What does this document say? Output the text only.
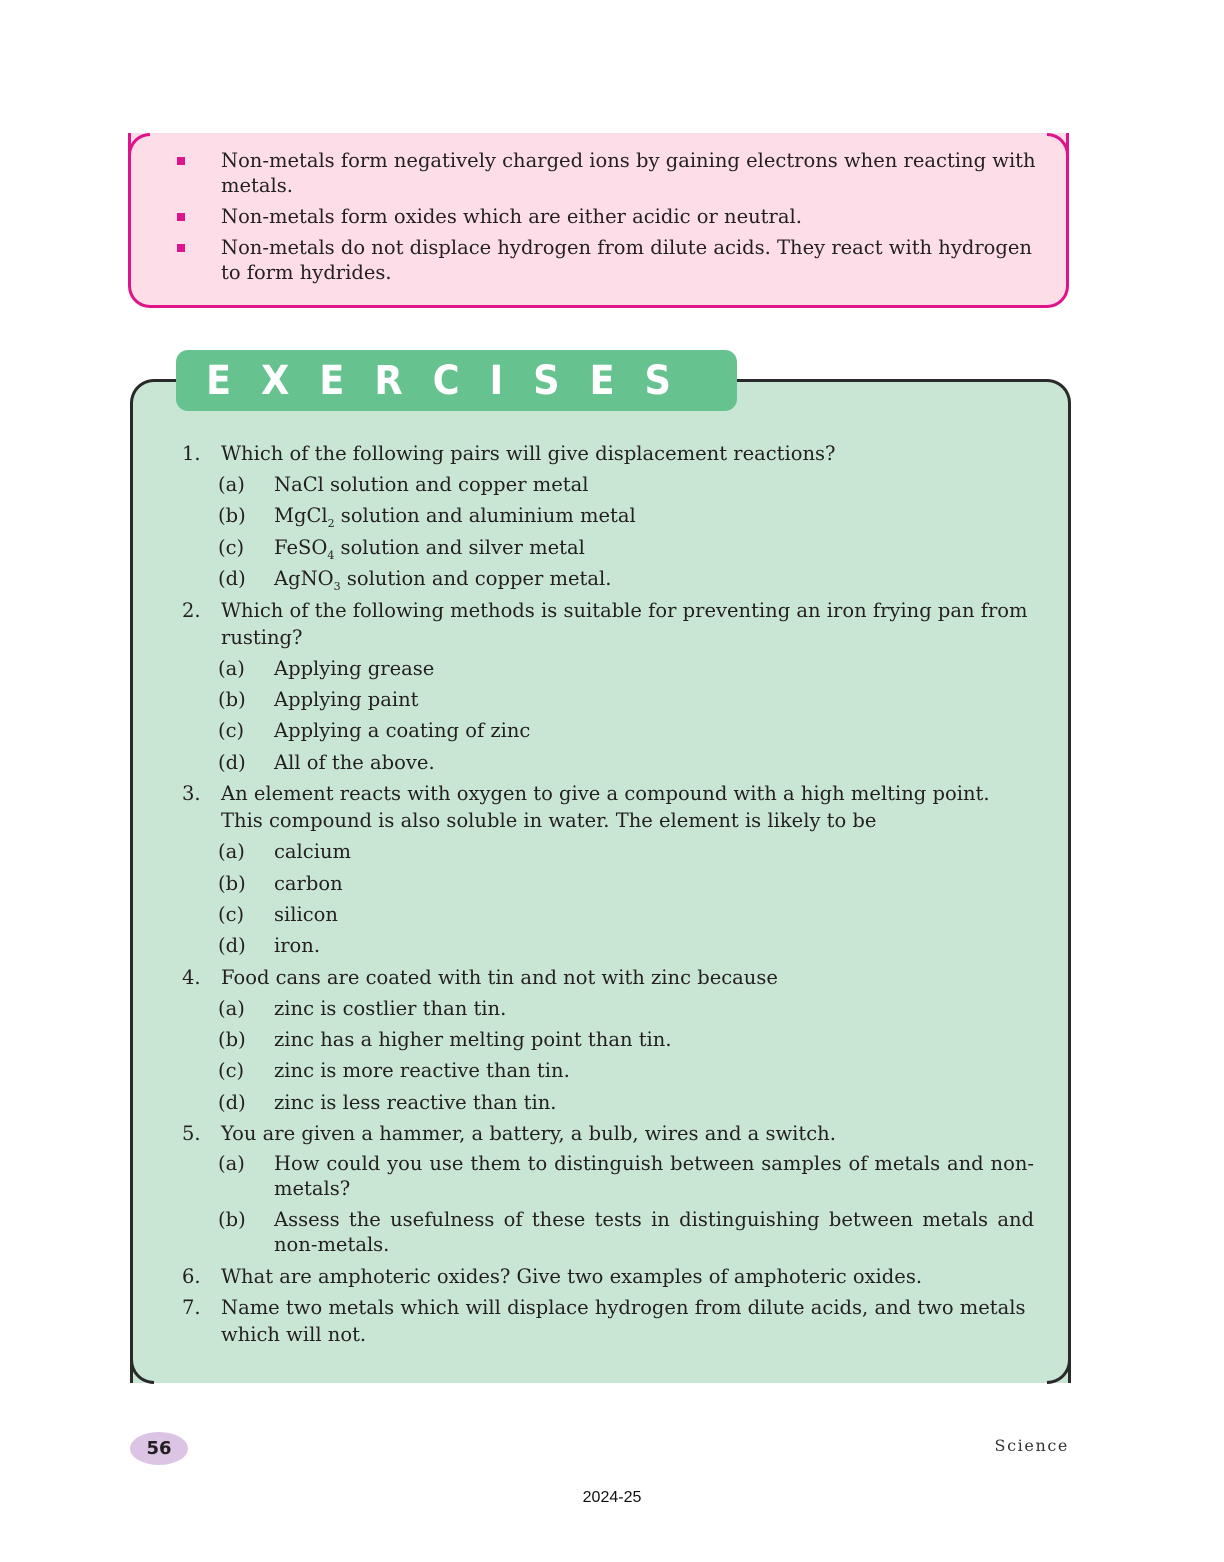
Non-metals form negatively charged ions by gaining electrons when reacting with metals.
Non-metals form oxides which are either acidic or neutral.
Non-metals do not displace hydrogen from dilute acids. They react with hydrogen to form hydrides.
EXERCISES
1. Which of the following pairs will give displacement reactions?
(a) NaCl solution and copper metal
(b) MgCl$_2$ solution and aluminium metal
(c) FeSO$_4$ solution and silver metal
(d) AgNO$_3$ solution and copper metal.
2. Which of the following methods is suitable for preventing an iron frying pan from rusting?
(a) Applying grease
(b) Applying paint
(c) Applying a coating of zinc
(d) All of the above.
3. An element reacts with oxygen to give a compound with a high melting point. This compound is also soluble in water. The element is likely to be
(a) calcium
(b) carbon
(c) silicon
(d) iron.
4. Food cans are coated with tin and not with zinc because
(a) zinc is costlier than tin.
(b) zinc has a higher melting point than tin.
(c) zinc is more reactive than tin.
(d) zinc is less reactive than tin.
5. You are given a hammer, a battery, a bulb, wires and a switch.
(a) How could you use them to distinguish between samples of metals and non-metals?
(b) Assess the usefulness of these tests in distinguishing between metals and non-metals.
6. What are amphoteric oxides? Give two examples of amphoteric oxides.
7. Name two metals which will displace hydrogen from dilute acids, and two metals which will not.
56	Science
2024-25
